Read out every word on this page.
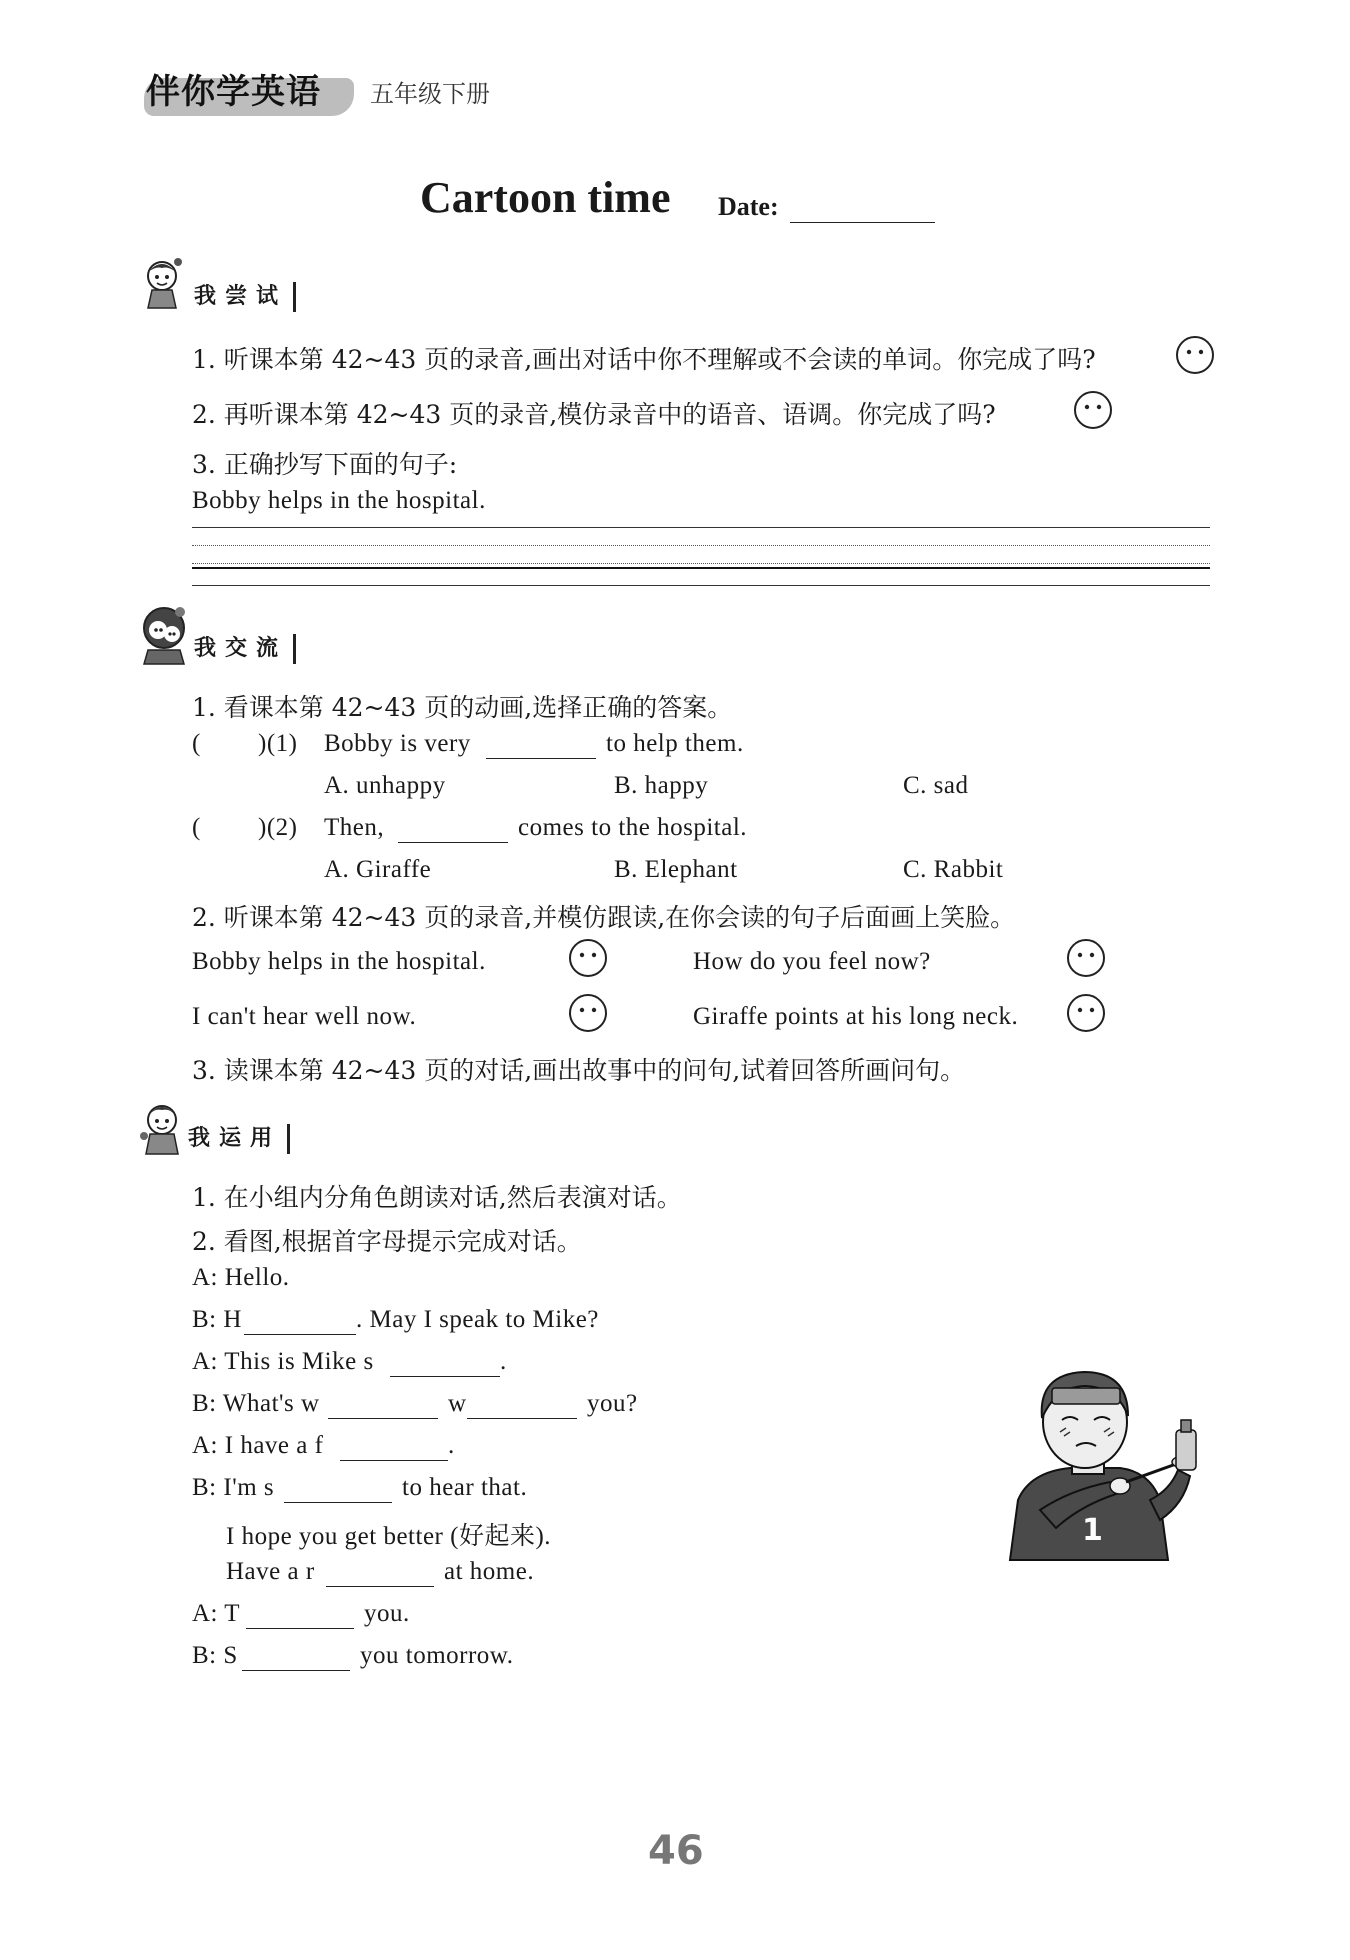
伴你学英语 五年级下册
Cartoon time Date:
我尝试
1. 听课本第 42~43 页的录音,画出对话中你不理解或不会读的单词。你完成了吗?
2. 再听课本第 42~43 页的录音,模仿录音中的语音、语调。你完成了吗?
3. 正确抄写下面的句子:
Bobby helps in the hospital.
我交流
1. 看课本第 42~43 页的动画,选择正确的答案。
( )(1) Bobby is very	to help them.
A. unhappy	B. happy	C. sad
( )(2) Then,	comes to the hospital.
A. Giraffe	B. Elephant	C. Rabbit
2. 听课本第 42~43 页的录音,并模仿跟读,在你会读的句子后面画上笑脸。
Bobby helps in the hospital.	How do you feel now?
I can't hear well now.	Giraffe points at his long neck.
3. 读课本第 42~43 页的对话,画出故事中的问句,试着回答所画问句。
我运用
1. 在小组内分角色朗读对话,然后表演对话。
2. 看图,根据首字母提示完成对话。
A: Hello.
B: H	. May I speak to Mike?
A: This is Mike s	.
B: What's w	w	you?
A: I have a f	.
B: I'm s	to hear that.
I hope you get better (好起来).
Have a r	at home.
A: T	you.
B: S	you tomorrow.
1
46
